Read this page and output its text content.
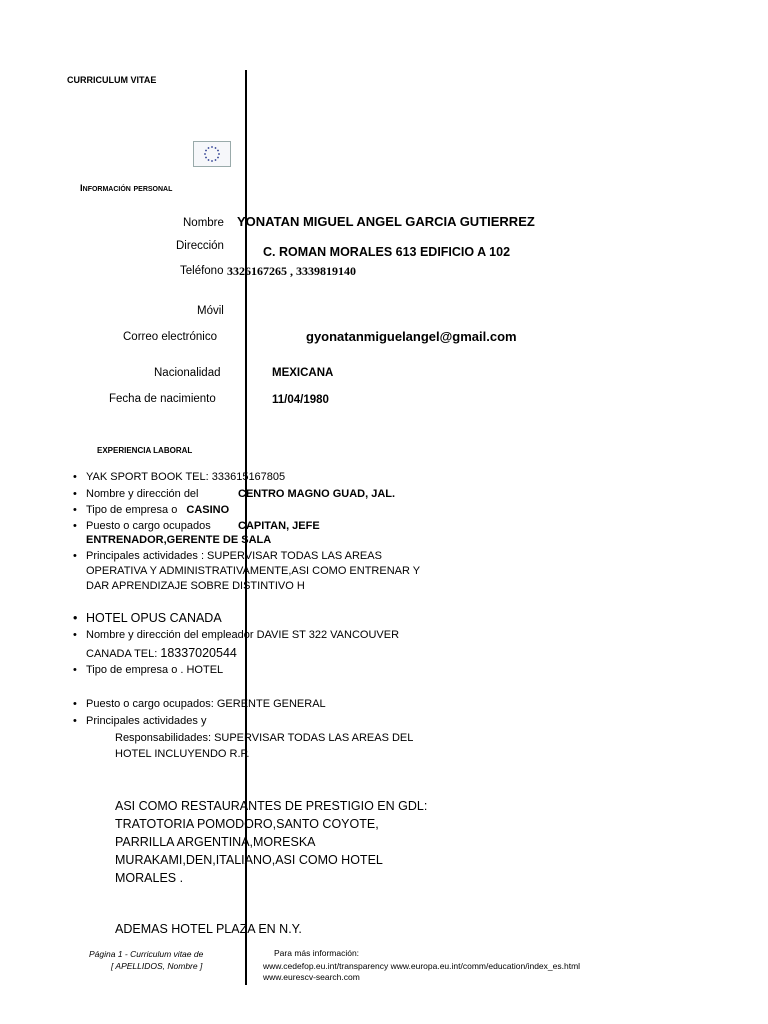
CURRICULUM VITAE
Información personal
Nombre YONATAN MIGUEL ANGEL GARCIA GUTIERREZ
Dirección	C. ROMAN MORALES 613 EDIFICIO A 102
Teléfono 3326167265 , 3339819140
Móvil
Correo electrónico	gyonatanmiguelangel@gmail.com
Nacionalidad	MEXICANA
Fecha de nacimiento	11/04/1980
EXPERIENCIA LABORAL
• YAK SPORT BOOK TEL: 333615167805
• Nombre y dirección del	CENTRO MAGNO GUAD, JAL.
• Tipo de empresa o CASINO
• Puesto o cargo ocupados CAPITAN, JEFE
ENTRENADOR,GERENTE DE SALA
• Principales actividades : SUPERVISAR TODAS LAS AREAS
OPERATIVA Y ADMINISTRATIVAMENTE,ASI COMO ENTRENAR Y
DAR APRENDIZAJE SOBRE DISTINTIVO H
• HOTEL OPUS CANADA
• Nombre y dirección del empleador DAVIE ST 322 VANCOUVER
CANADA TEL: 18337020544
• Tipo de empresa o . HOTEL
• Puesto o cargo ocupados: GERENTE GENERAL
• Principales actividades y
Responsabilidades: SUPERVISAR TODAS LAS AREAS DEL
HOTEL INCLUYENDO R.P.
ASI COMO RESTAURANTES DE PRESTIGIO EN GDL:
TRATOTORIA POMODORO,SANTO COYOTE,
PARRILLA ARGENTINA,MORESKA
MURAKAMI,DEN,ITALIANO,ASI COMO HOTEL
MORALES .
ADEMAS HOTEL PLAZA EN N.Y.
Página 1 - Curriculum vitae de
[ APELLIDOS, Nombre ]
Para más información:
www.cedefop.eu.int/transparency www.europa.eu.int/comm/education/index_es.html
www.eurescv-search.com
